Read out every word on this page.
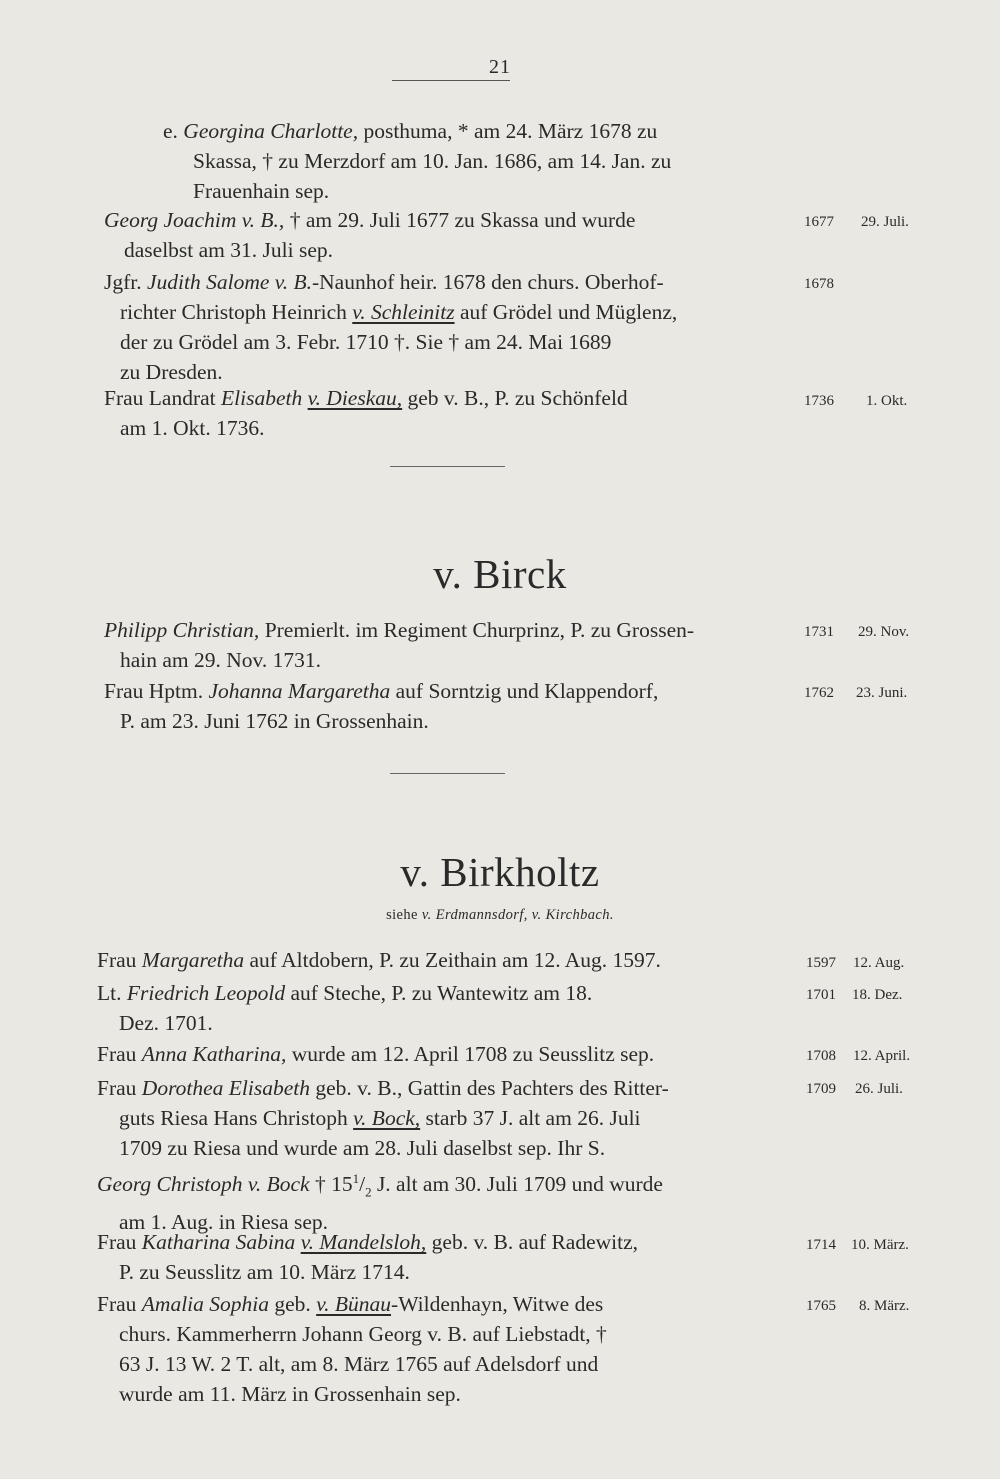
21
e. Georgina Charlotte, posthuma, * am 24. März 1678 zu
Skassa, † zu Merzdorf am 10. Jan. 1686, am 14. Jan. zu
Frauenhain sep.
Georg Joachim v. B., † am 29. Juli 1677 zu Skassa und wurde
daselbst am 31. Juli sep.
1677 29. Juli.
Jgfr. Judith Salome v. B.-Naunhof heir. 1678 den churs. Oberhof-
richter Christoph Heinrich v. Schleinitz auf Grödel und Müglenz,
der zu Grödel am 3. Febr. 1710 †. Sie † am 24. Mai 1689
zu Dresden.
1678
Frau Landrat Elisabeth v. Dieskau, geb v. B., P. zu Schönfeld
am 1. Okt. 1736.
1736 1. Okt.
v. Birck
Philipp Christian, Premierlt. im Regiment Churprinz, P. zu Grossen-
hain am 29. Nov. 1731.
1731 29. Nov.
Frau Hptm. Johanna Margaretha auf Sorntzig und Klappendorf,
P. am 23. Juni 1762 in Grossenhain.
1762 23. Juni.
v. Birkholtz
siehe v. Erdmannsdorf, v. Kirchbach.
Frau Margaretha auf Altdobern, P. zu Zeithain am 12. Aug. 1597.	1597 12. Aug.
Lt. Friedrich Leopold auf Steche, P. zu Wantewitz am 18.
Dez. 1701.
1701 18. Dez.
Frau Anna Katharina, wurde am 12. April 1708 zu Seusslitz sep.	1708 12. April.
Frau Dorothea Elisabeth geb. v. B., Gattin des Pachters des Ritter-
guts Riesa Hans Christoph v. Bock, starb 37 J. alt am 26. Juli
1709 zu Riesa und wurde am 28. Juli daselbst sep. Ihr S.
1709 26. Juli.
Georg Christoph v. Bock † $15^1/_2$ J. alt am 30. Juli 1709 und wurde
am 1. Aug. in Riesa sep.
Frau Katharina Sabina v. Mandelsloh, geb. v. B. auf Radewitz,
P. zu Seusslitz am 10. März 1714.
1714 10. März.
Frau Amalia Sophia geb. v. Bünau-Wildenhayn, Witwe des
churs. Kammerherrn Johann Georg v. B. auf Liebstadt, †
63 J. 13 W. 2 T. alt, am 8. März 1765 auf Adelsdorf und
wurde am 11. März in Grossenhain sep.
1765 8. März.
